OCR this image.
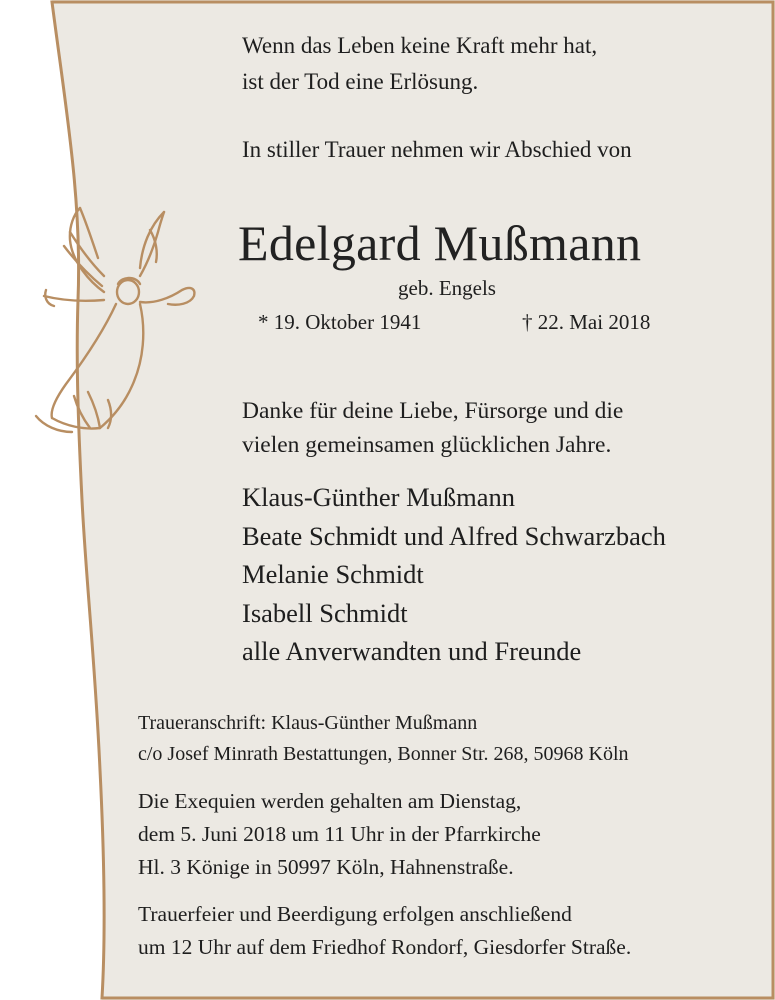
Wenn das Leben keine Kraft mehr hat,
ist der Tod eine Erlösung.
In stiller Trauer nehmen wir Abschied von
Edelgard Mußmann
geb. Engels
* 19. Oktober 1941	† 22. Mai 2018
Danke für deine Liebe, Fürsorge und die
vielen gemeinsamen glücklichen Jahre.
Klaus-Günther Mußmann
Beate Schmidt und Alfred Schwarzbach
Melanie Schmidt
Isabell Schmidt
alle Anverwandten und Freunde
Traueranschrift: Klaus-Günther Mußmann
c/o Josef Minrath Bestattungen, Bonner Str. 268, 50968 Köln
Die Exequien werden gehalten am Dienstag,
dem 5. Juni 2018 um 11 Uhr in der Pfarrkirche
Hl. 3 Könige in 50997 Köln, Hahnenstraße.
Trauerfeier und Beerdigung erfolgen anschließend
um 12 Uhr auf dem Friedhof Rondorf, Giesdorfer Straße.
